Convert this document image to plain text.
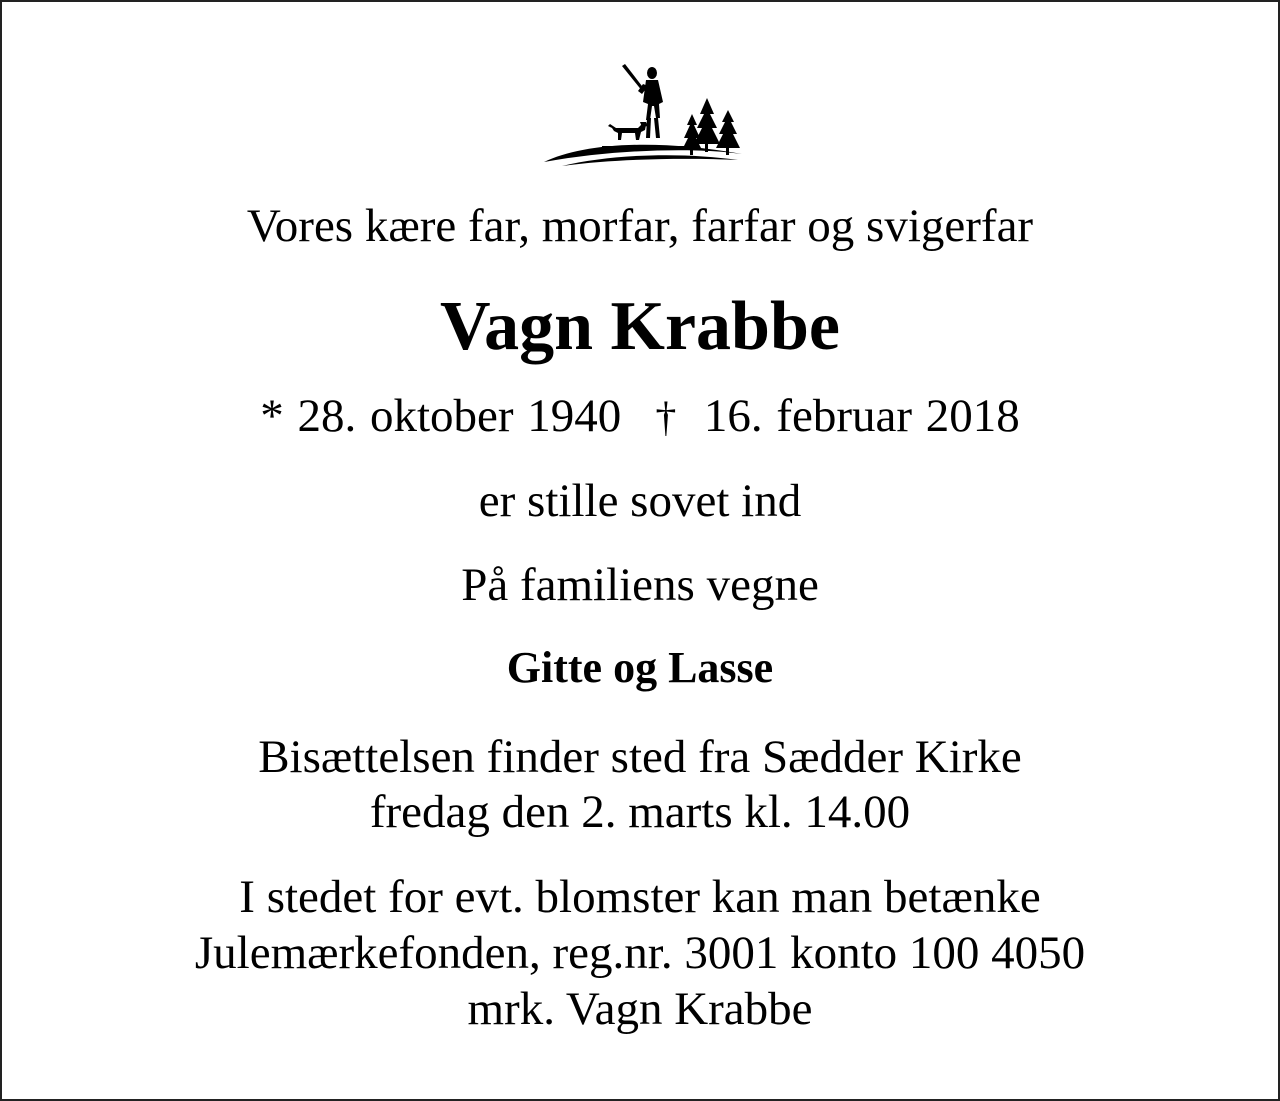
Vores kære far, morfar, farfar og svigerfar
Vagn Krabbe
* 28. oktober 1940 † 16. februar 2018
er stille sovet ind
På familiens vegne
Gitte og Lasse
Bisættelsen finder sted fra Sædder Kirke
fredag den 2. marts kl. 14.00
I stedet for evt. blomster kan man betænke
Julemærkefonden, reg.nr. 3001 konto 100 4050
mrk. Vagn Krabbe
